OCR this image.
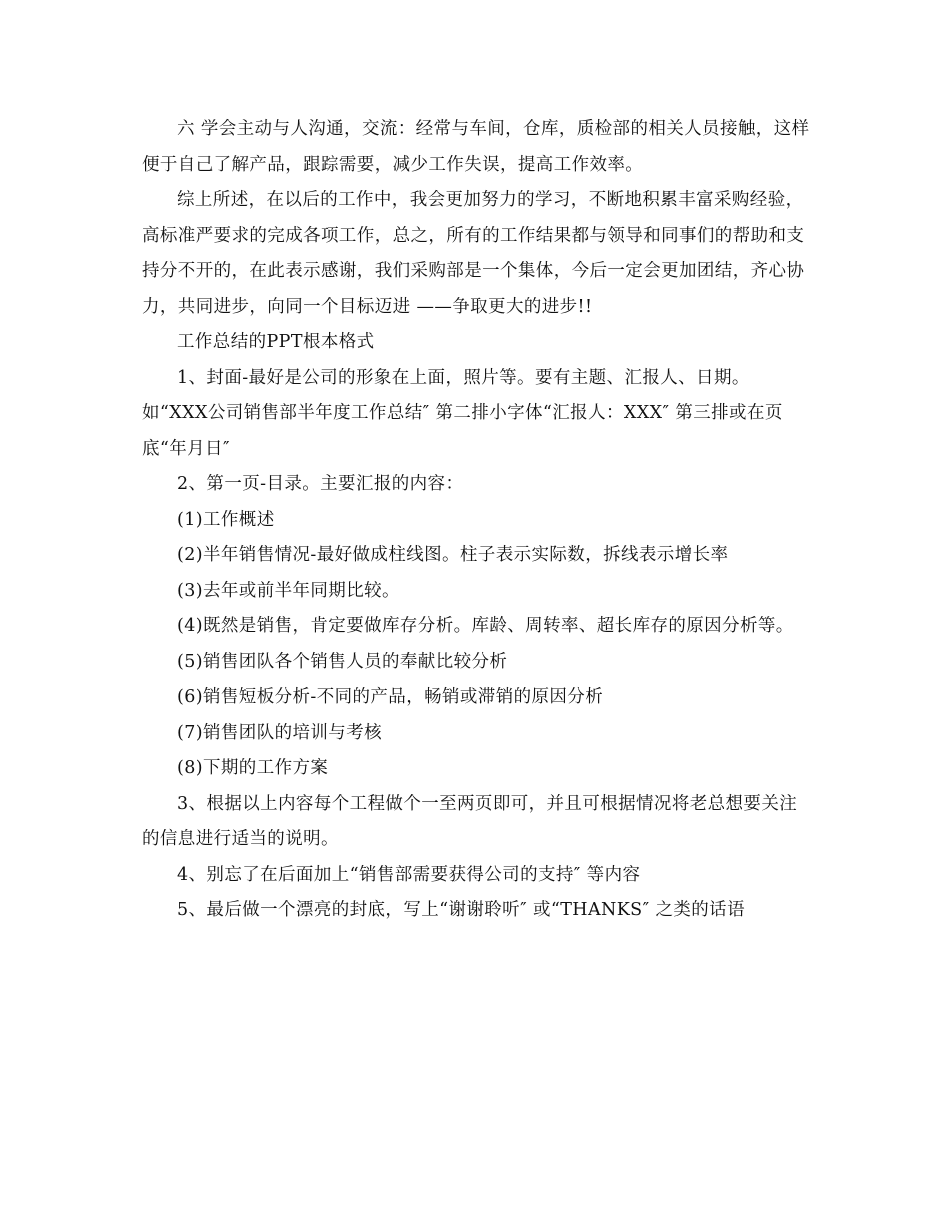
六 学会主动与人沟通，交流：经常与车间，仓库，质检部的相关人员接触，这样便于自己了解产品，跟踪需要，减少工作失误，提高工作效率。

综上所述，在以后的工作中，我会更加努力的学习，不断地积累丰富采购经验，高标准严要求的完成各项工作，总之，所有的工作结果都与领导和同事们的帮助和支持分不开的，在此表示感谢，我们采购部是一个集体，今后一定会更加团结，齐心协力，共同进步，向同一个目标迈进 ——争取更大的进步!!

工作总结的PPT根本格式

1、封面-最好是公司的形象在上面，照片等。要有主题、汇报人、日期。如“XXX公司销售部半年度工作总结″ 第二排小字体“汇报人：XXX″ 第三排或在页底“年月日″

2、第一页-目录。主要汇报的内容：

(1)工作概述

(2)半年销售情况-最好做成柱线图。柱子表示实际数，拆线表示增长率

(3)去年或前半年同期比较。

(4)既然是销售，肯定要做库存分析。库龄、周转率、超长库存的原因分析等。

(5)销售团队各个销售人员的奉献比较分析

(6)销售短板分析-不同的产品，畅销或滞销的原因分析

(7)销售团队的培训与考核

(8)下期的工作方案

3、根据以上内容每个工程做个一至两页即可，并且可根据情况将老总想要关注的信息进行适当的说明。

4、别忘了在后面加上“销售部需要获得公司的支持″ 等内容

5、最后做一个漂亮的封底，写上“谢谢聆听″ 或“THANKS″ 之类的话语
